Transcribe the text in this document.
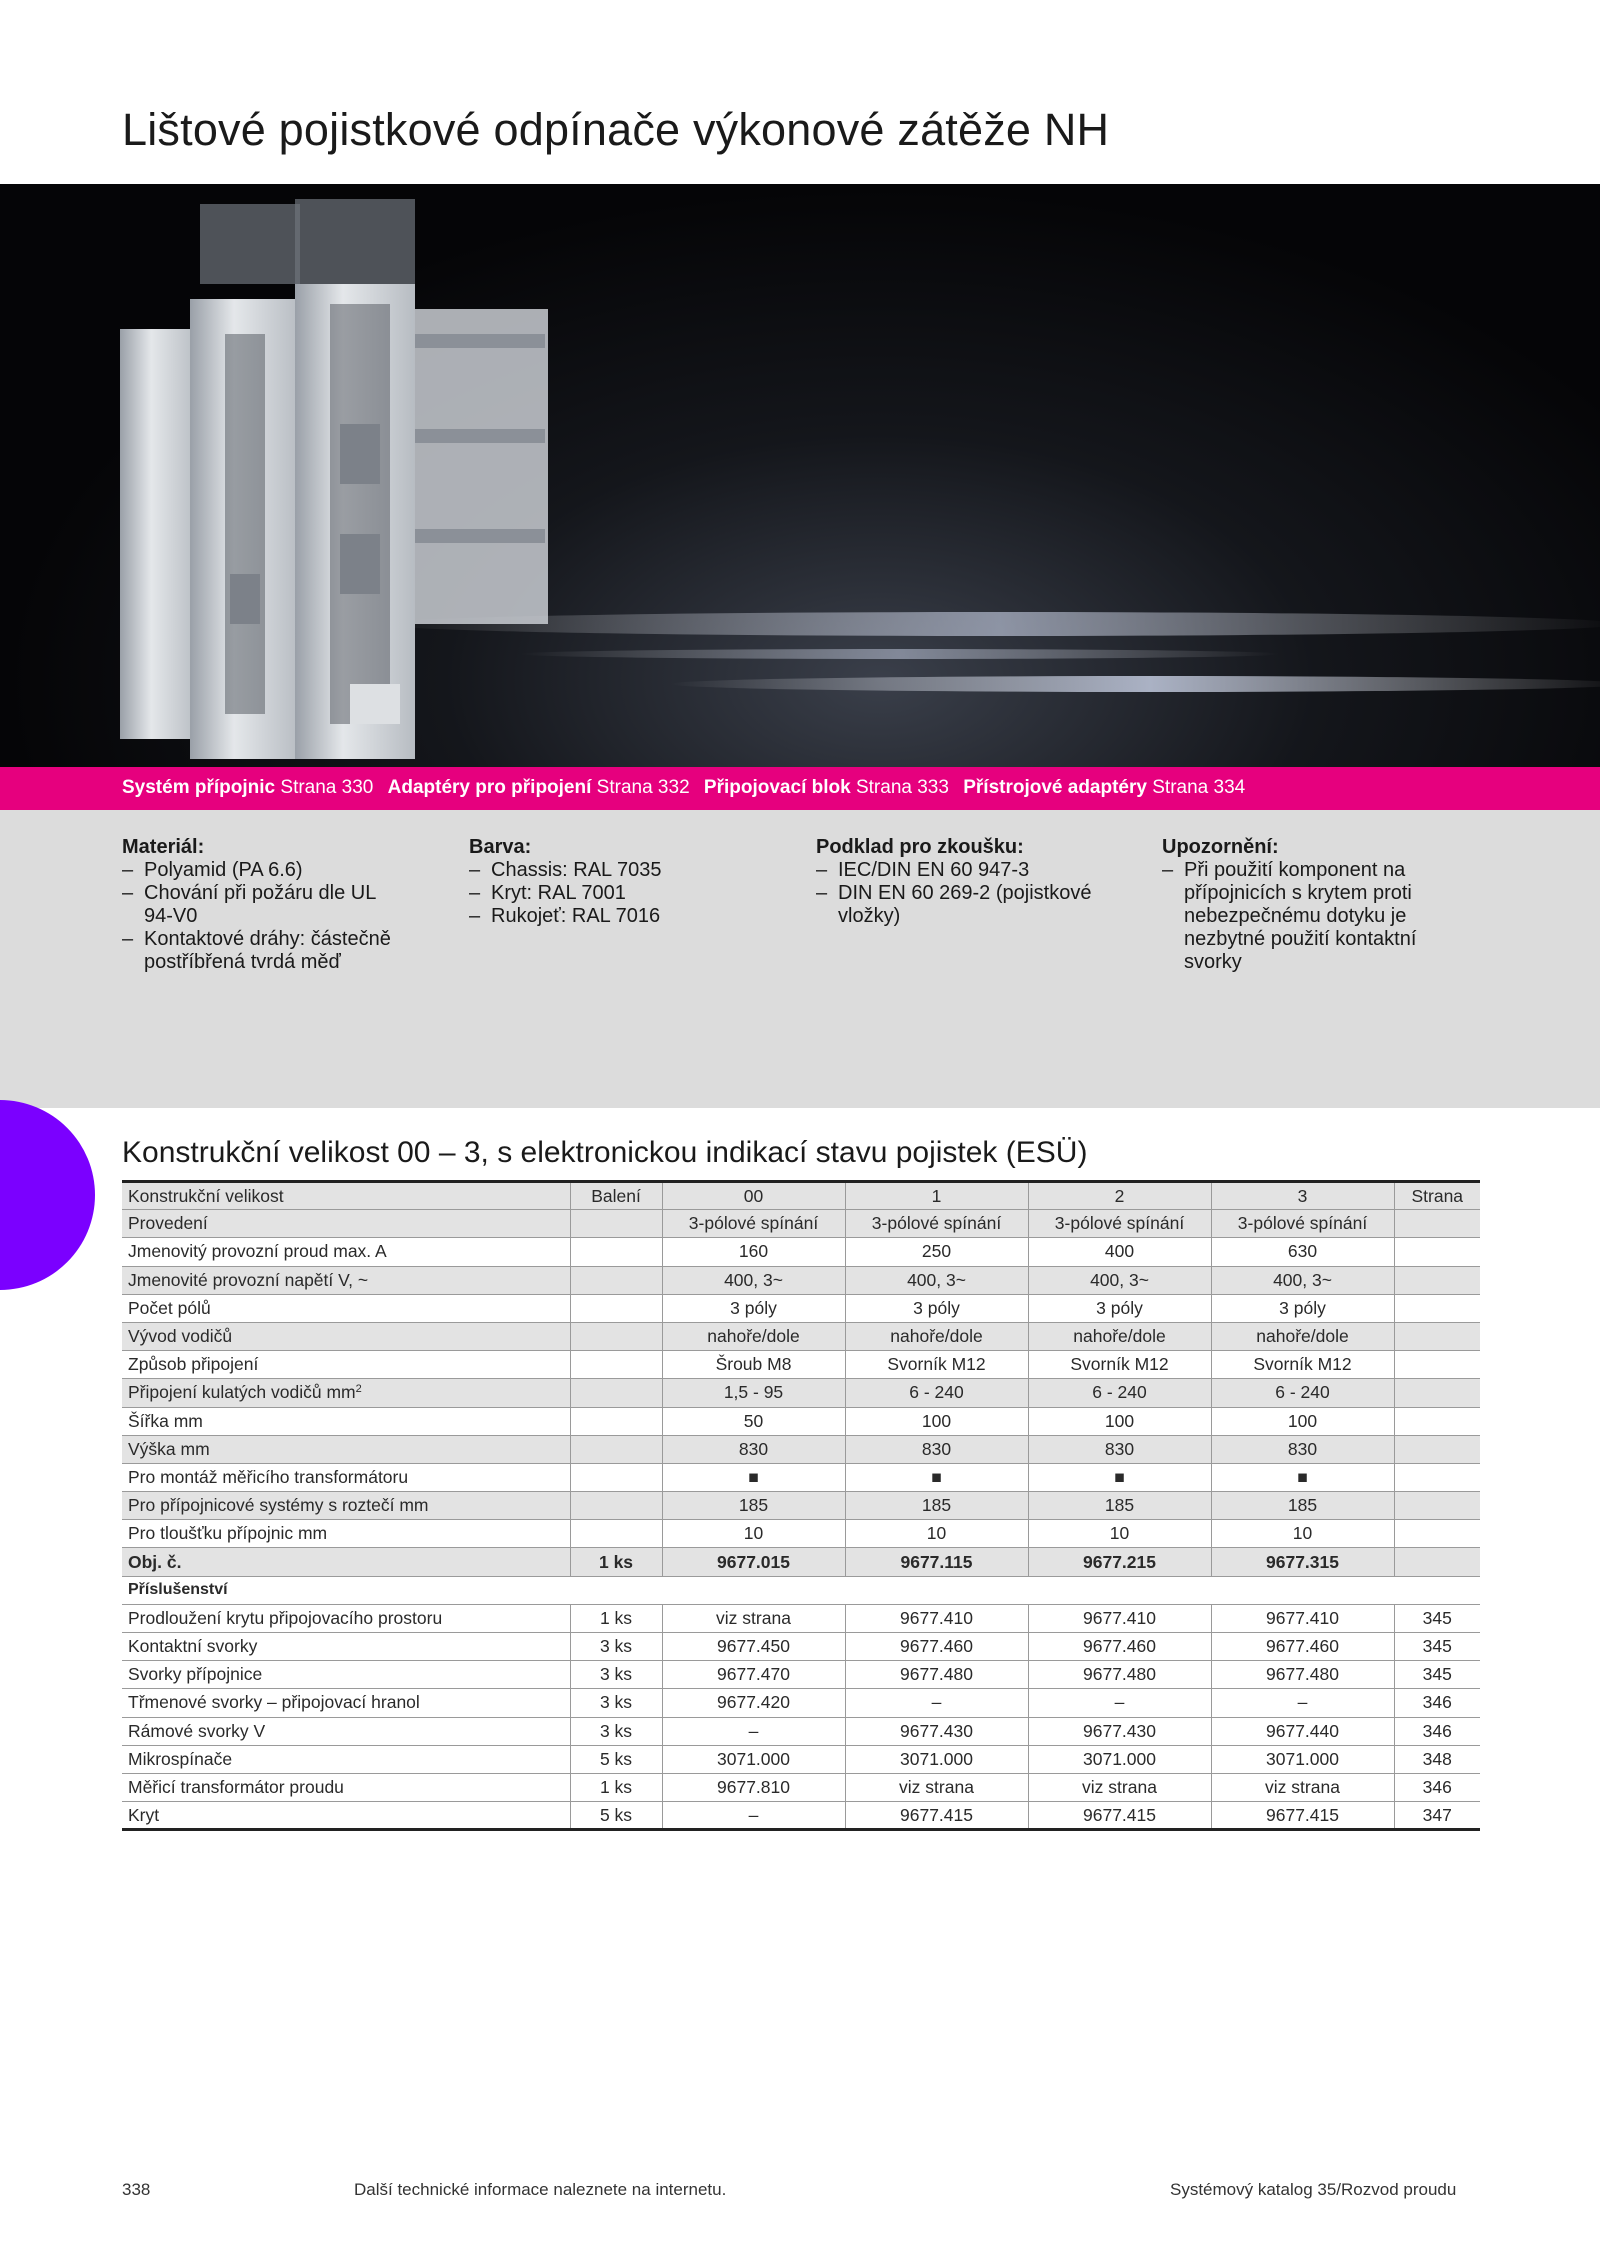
Lištové pojistkové odpínače výkonové zátěže NH
Systém přípojnic Strana 330 Adaptéry pro připojení Strana 332 Připojovací blok Strana 333 Přístrojové adaptéry Strana 334
Materiál:
– Polyamid (PA 6.6)
– Chování při požáru dle UL 94-V0
– Kontaktové dráhy: částečně postříbřená tvrdá měď
Barva:
– Chassis: RAL 7035
– Kryt: RAL 7001
– Rukojeť: RAL 7016
Podklad pro zkoušku:
– IEC/DIN EN 60 947-3
– DIN EN 60 269-2 (pojistkové vložky)
Upozornění:
– Při použití komponent na přípojnicích s krytem proti nebezpečnému dotyku je nezbytné použití kontaktní svorky
Konstrukční velikost 00 – 3, s elektronickou indikací stavu pojistek (ESÜ)
Konstrukční velikost	Balení	00	1	2	3	Strana
Provedení		3-pólové spínání	3-pólové spínání	3-pólové spínání	3-pólové spínání	
Jmenovitý provozní proud max. A		160	250	400	630	
Jmenovité provozní napětí V, ~		400, 3~	400, 3~	400, 3~	400, 3~	
Počet pólů		3 póly	3 póly	3 póly	3 póly	
Vývod vodičů		nahoře/dole	nahoře/dole	nahoře/dole	nahoře/dole	
Způsob připojení		Šroub M8	Svorník M12	Svorník M12	Svorník M12	
Připojení kulatých vodičů $mm^2$		1,5 - 95	6 - 240	6 - 240	6 - 240	
Šířka mm		50	100	100	100	
Výška mm		830	830	830	830	
Pro montáž měřicího transformátoru		■	■	■	■	
Pro přípojnicové systémy s roztečí mm		185	185	185	185	
Pro tloušťku přípojnic mm		10	10	10	10	
Obj. č.	1 ks	9677.015	9677.115	9677.215	9677.315	
Příslušenství						
Prodloužení krytu připojovacího prostoru	1 ks	viz strana	9677.410	9677.410	9677.410	345
Kontaktní svorky	3 ks	9677.450	9677.460	9677.460	9677.460	345
Svorky přípojnice	3 ks	9677.470	9677.480	9677.480	9677.480	345
Třmenové svorky – připojovací hranol	3 ks	9677.420	–	–	–	346
Rámové svorky V	3 ks	–	9677.430	9677.430	9677.440	346
Mikrospínače	5 ks	3071.000	3071.000	3071.000	3071.000	348
Měřicí transformátor proudu	1 ks	9677.810	viz strana	viz strana	viz strana	346
Kryt	5 ks	–	9677.415	9677.415	9677.415	347
338	Další technické informace naleznete na internetu.	Systémový katalog 35/Rozvod proudu
